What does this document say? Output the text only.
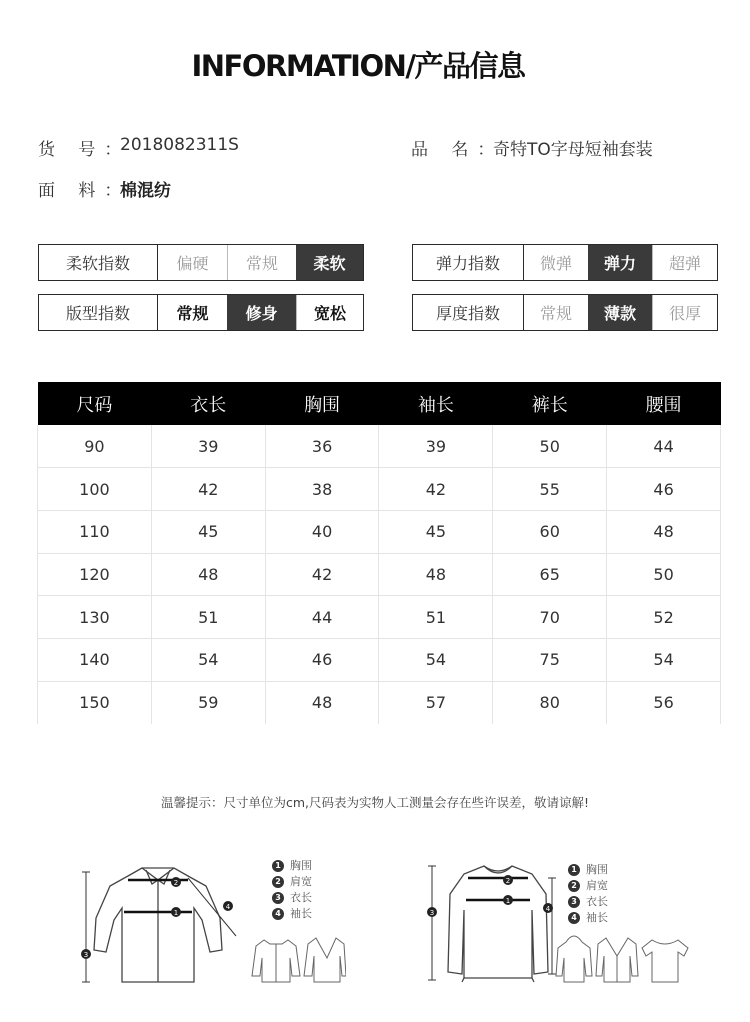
INFORMATION/产品信息
货 号：
2018082311S	品 名：
奇特TO字母短袖套装
面 料：
棉混纺
柔软指数	偏硬	常规	柔软	弹力指数	微弹	弹力	超弹
版型指数	常规	修身	宽松	厚度指数	常规	薄款	很厚
尺码	衣长	胸围	袖长	裤长	腰围
90	39	36	39	50	44
100	42	38	42	55	46
110	45	40	45	60	48
120	48	42	48	65	50
130	51	44	51	70	52
140	54	46	54	75	54
150	59	48	57	80	56
温馨提示：尺寸单位为cm,尺码表为实物人工测量会存在些许误差，敬请谅解!
1
2
3
4
1 胸围
2 肩宽
3 衣长
4 袖长
1
2
3	4
1 胸围
2 肩宽
3 衣长
4 袖长
